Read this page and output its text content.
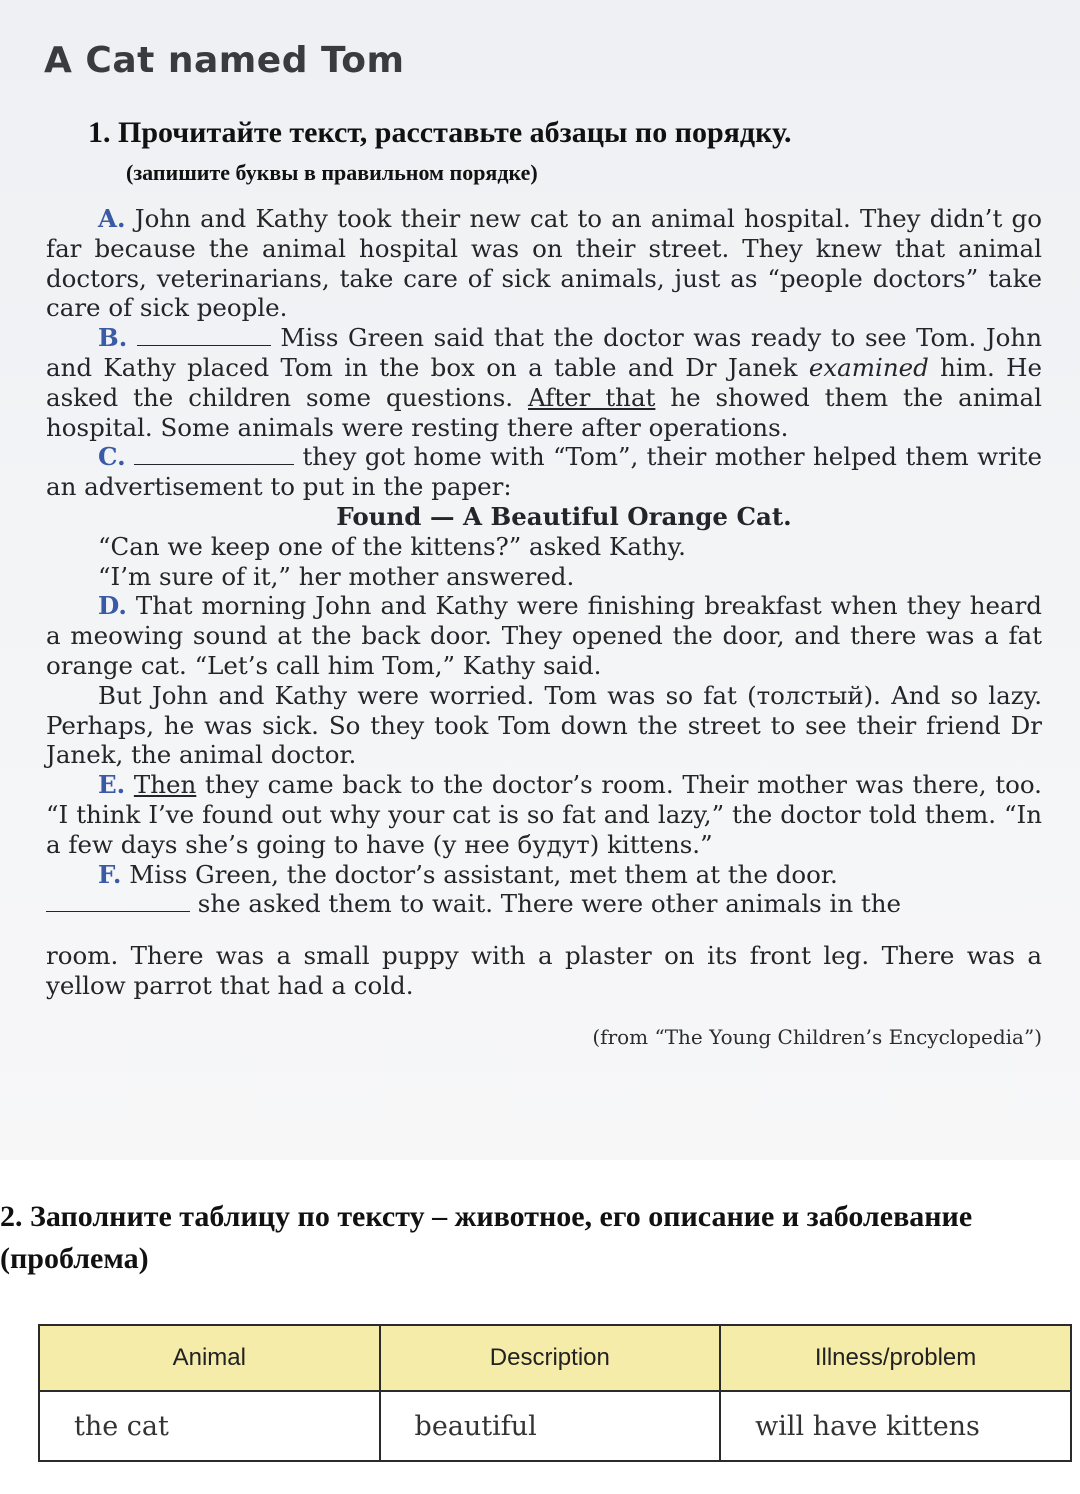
A Cat named Tom

1. Прочитайте текст, расставьте абзацы по порядку.

(запишите буквы в правильном порядке)

A. John and Kathy took their new cat to an animal hospital. They didn’t go far because the animal hospital was on their street. They knew that animal doctors, veterinarians, take care of sick animals, just as “people doctors” take care of sick people.

B.	Miss Green said that the doctor was ready to see Tom. John and Kathy placed Tom in the box on a table and Dr Janek examined him. He asked the children some questions. After that he showed them the animal hospital. Some animals were resting there after operations.

C.	they got home with “Tom”, their mother helped them write an advertisement to put in the paper:

Found — A Beautiful Orange Cat.

“Can we keep one of the kittens?” asked Kathy.

“I’m sure of it,” her mother answered.

D. That morning John and Kathy were finishing breakfast when they heard a meowing sound at the back door. They opened the door, and there was a fat orange cat. “Let’s call him Tom,” Kathy said.

But John and Kathy were worried. Tom was so fat (толстый). And so lazy. Perhaps, he was sick. So they took Tom down the street to see their friend Dr Janek, the animal doctor.

E. Then they came back to the doctor’s room. Their mother was there, too. “I think I’ve found out why your cat is so fat and lazy,” the doctor told them. “In a few days she’s going to have (у нее будут) kittens.”

F. Miss Green, the doctor’s assistant, met them at the door.

she asked them to wait. There were other animals in the

room. There was a small puppy with a plaster on its front leg. There was a yellow parrot that had a cold.

(from “The Young Children’s Encyclopedia”)
2. Заполните таблицу по тексту – животное, его описание и заболевание
(проблема)
Animal	Description	Illness/problem
the cat	beautiful	will have kittens
